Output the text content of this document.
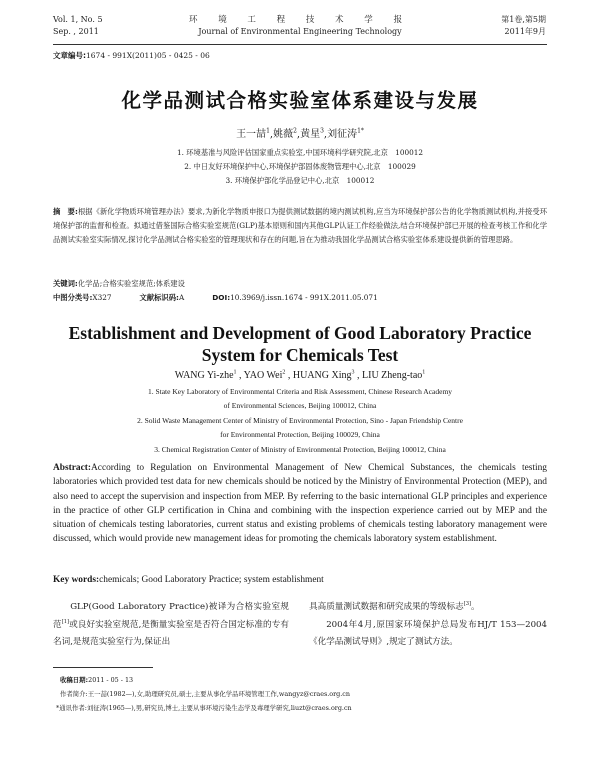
Vol. 1, No. 5
Sep. , 2011
环 境 工 程 技 术 学 报
Journal of Environmental Engineering Technology
第1卷,第5期
2011年9月
文章编号:1674 - 991X(2011)05 - 0425 - 06
化学品测试合格实验室体系建设与发展
王一喆$^1$,姚薇$^2$,黄星$^3$,刘征涛$^{1*}$
1. 环境基准与风险评估国家重点实验室,中国环境科学研究院,北京　100012
2. 中日友好环境保护中心,环境保护部固体废物管理中心,北京　100029
3. 环境保护部化学品登记中心,北京　100012
摘　要:根据《新化学物质环境管理办法》要求,为新化学物质申报口为提供测试数据的境内测试机构,应当为环境保护部公告的化学物质测试机构,并接受环境保护部的监督和检查。拟通过借鉴国际合格实验室规范(GLP)基本原则和国内其他GLP认证工作经验做法,结合环境保护部已开展的检查考核工作和化学品测试实验室实际情况,探讨化学品测试合格实验室的管理现状和存在的问题,旨在为推动我国化学品测试合格实验室体系建设提供新的管理思路。
关键词:化学品;合格实验室规范;体系建设
中图分类号:X327	文献标识码:A	DOI:10.3969/j.issn.1674 - 991X.2011.05.071
Establishment and Development of Good Laboratory Practice
System for Chemicals Test
WANG Yi-zhe$^1$ , YAO Wei$^2$ , HUANG Xing$^3$ , LIU Zheng-tao$^1$
1. State Key Laboratory of Environmental Criteria and Risk Assessment, Chinese Research Academy
of Environmental Sciences, Beijing 100012, China
2. Solid Waste Management Center of Ministry of Environmental Protection, Sino - Japan Friendship Centre
for Environmental Protection, Beijing 100029, China
3. Chemical Registration Center of Ministry of Environmental Protection, Beijing 100012, China
Abstract:According to Regulation on Environmental Management of New Chemical Substances, the chemicals testing laboratories which provided test data for new chemicals should be noticed by the Ministry of Environmental Protection (MEP), and also need to accept the supervision and inspection from MEP. By referring to the basic international GLP principles and experience in the practice of other GLP certification in China and combining with the inspection experience carried out by MEP and the situation of chemicals testing laboratories, current status and existing problems of chemicals testing laboratory management were discussed, which would provide new management ideas for promoting the chemicals laboratory system establishment.
Key words:chemicals; Good Laboratory Practice; system establishment
GLP(Good Laboratory Practice)被译为合格实验室规范[1]或良好实验室规范,是衡量实验室是否符合国定标准的专有名词,是规范实验室行为,保证出
具高质量测试数据和研究成果的等级标志[3]。
2004年4月,原国家环境保护总局发布HJ/T 153—2004《化学品测试导则》,规定了测试方法。
收稿日期:2011 - 05 - 13
作者简介:王一喆(1982—),女,助理研究员,硕士,主要从事化学品环境管理工作,wangyz@craes.org.cn
*通讯作者:刘征涛(1965—),男,研究员,博士,主要从事环境污染生态学及毒理学研究,liuzt@craes.org.cn
